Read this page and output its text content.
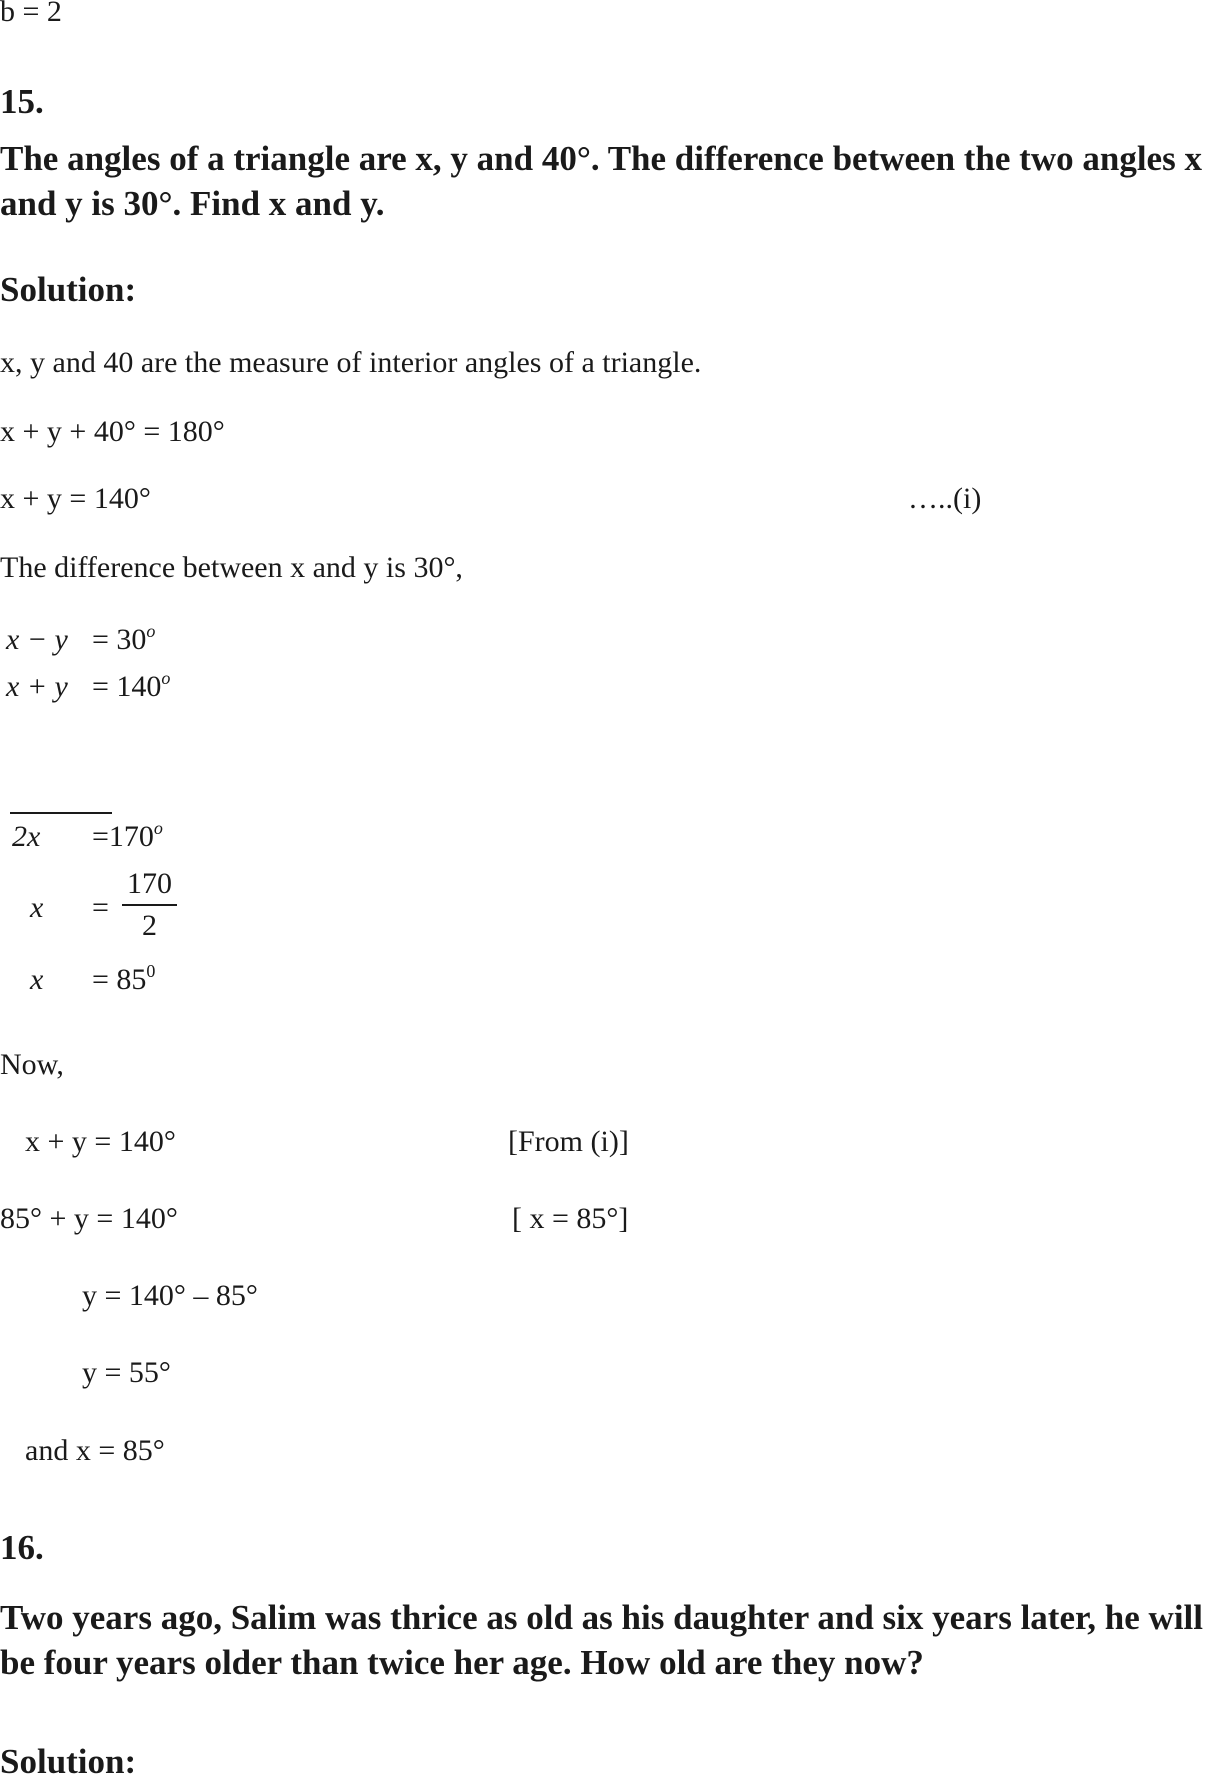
b = 2
15.
The angles of a triangle are x, y and 40°. The difference between the two angles x and y is 30°. Find x and y.
Solution:
x, y and 40 are the measure of interior angles of a triangle.
x + y + 40° = 180°
x + y = 140°	…..(i)
The difference between x and y is 30°,
$x - y = 30^o$
$x + y = 140^o$
$2x =170^o$
x =
170
2
$x = 85^0$
Now,
x + y = 140°	[From (i)]
85° + y = 140°	[ x = 85°]
y = 140° – 85°
y = 55°
and x = 85°
16.
Two years ago, Salim was thrice as old as his daughter and six years later, he will be four years older than twice her age. How old are they now?
Solution:
